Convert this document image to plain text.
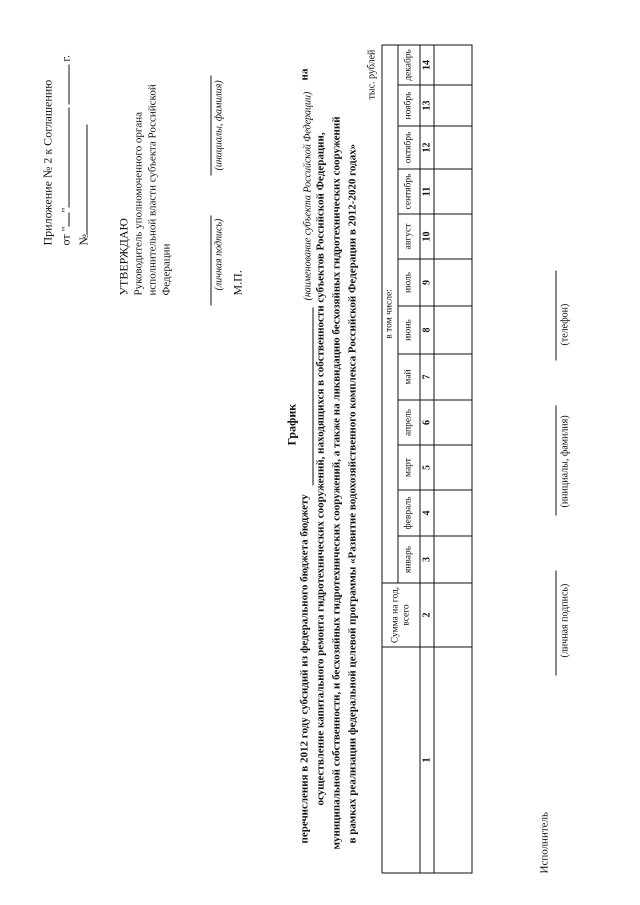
Приложение № 2 к Соглашению от ""  г.
№ УТВЕРЖДАЮ Руководитель уполномоченного органа исполнительной власти субъекта Российской Федерации	(личная подпись)
(инициалы, фамилия)
М.П.
График
перечисления в 2012 году субсидий из федерального бюджета бюджету
(наименование субъекта Российской Федерации)
на
осуществление капитального ремонта гидротехнических сооружений, находящихся в собственности субъектов Российской Федерации, муниципальной собственности, и бесхозяйных гидротехнических сооружений, а также на ликвидацию бесхозяйных гидротехнических сооружений в рамках реализации федеральной целевой программы «Развитие водохозяйственного комплекса Российской Федерации в 2012-2020 годах»
тыс. рублей
	Сумма на год, всего	в том числе:											
		январь	февраль	март	апрель	май	июнь	июль	август	сентябрь	октябрь	ноябрь	декабрь
1	2	3	4	5	6	7	8	9	10	11	12	13	14

Исполнитель
(личная подпись)
(инициалы, фамилия)
(телефон)
